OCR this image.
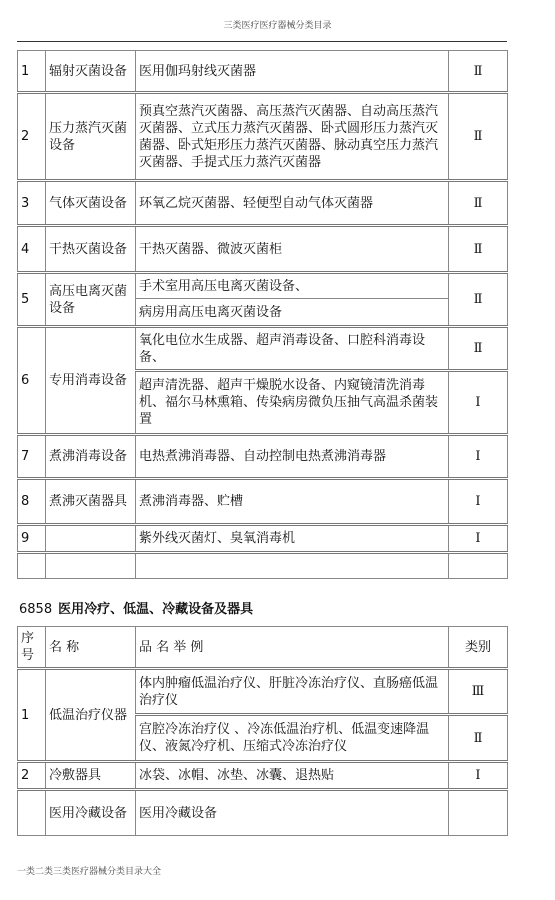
三类医疗医疗器械分类目录
1	辐射灭菌设备	医用伽玛射线灭菌器	Ⅱ
2	压力蒸汽灭菌设备	预真空蒸汽灭菌器、高压蒸汽灭菌器、自动高压蒸汽灭菌器、立式压力蒸汽灭菌器、卧式圆形压力蒸汽灭菌器、卧式矩形压力蒸汽灭菌器、脉动真空压力蒸汽灭菌器、手提式压力蒸汽灭菌器	Ⅱ
3	气体灭菌设备	环氧乙烷灭菌器、轻便型自动气体灭菌器	Ⅱ
4	干热灭菌设备	干热灭菌器、微波灭菌柜	Ⅱ
5	高压电离灭菌设备	手术室用高压电离灭菌设备、	Ⅱ
		病房用高压电离灭菌设备	
6	专用消毒设备	氧化电位水生成器、超声消毒设备、口腔科消毒设备、	Ⅱ
		超声清洗器、超声干燥脱水设备、内窥镜清洗消毒机、福尔马林熏箱、传染病房微负压抽气高温杀菌装置	Ⅰ
7	煮沸消毒设备	电热煮沸消毒器、自动控制电热煮沸消毒器	Ⅰ
8	煮沸灭菌器具	煮沸消毒器、贮槽	Ⅰ
9		紫外线灭菌灯、臭氧消毒机	Ⅰ

6858 医用冷疗、低温、冷藏设备及器具
序号	名 称	品 名 举 例	类别
1	低温治疗仪器	体内肿瘤低温治疗仪、肝脏冷冻治疗仪、直肠癌低温治疗仪	Ⅲ
		宫腔冷冻治疗仪 、冷冻低温治疗机、低温变速降温仪、液氮冷疗机、压缩式冷冻治疗仪	Ⅱ
2	冷敷器具	冰袋、冰帽、冰垫、冰囊、退热贴	Ⅰ
	医用冷藏设备	医用冷藏设备	
一类二类三类医疗器械分类目录大全
